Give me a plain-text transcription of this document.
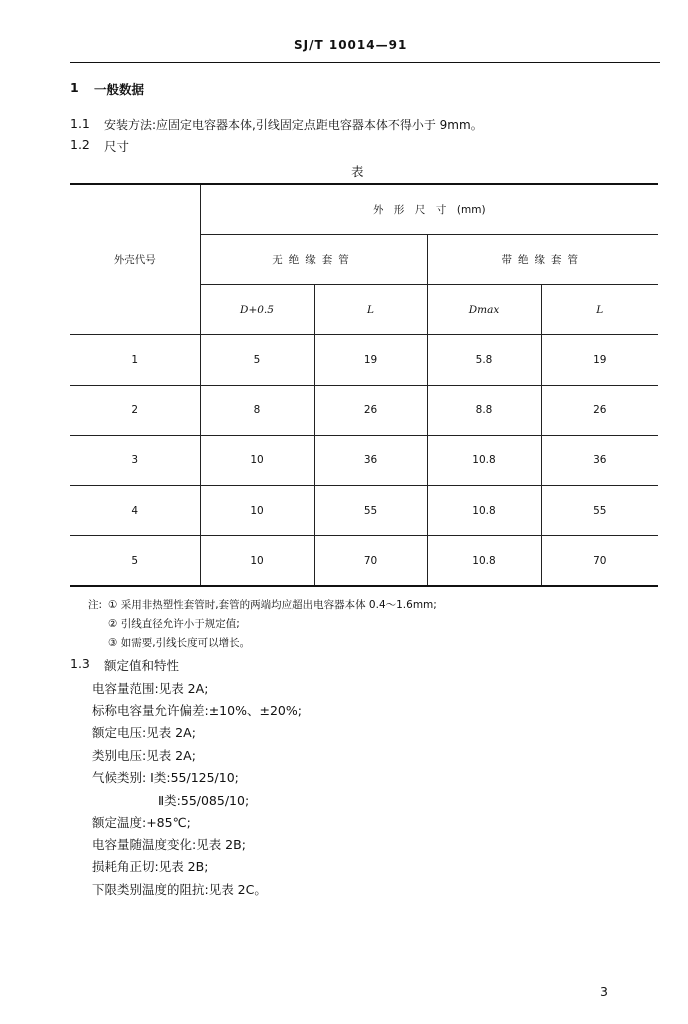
SJ/T 10014—91
1 一般数据
1.1 安装方法:应固定电容器本体,引线固定点距电容器本体不得小于 9mm。
1.2 尺寸
表
外壳代号	外　形　尺　寸　(mm)			
	无绝缘套管		带绝缘套管	
	D+0.5	L	Dmax	L
1	5	19	5.8	19
2	8	26	8.8	26
3	10	36	10.8	36
4	10	55	10.8	55
5	10	70	10.8	70
注: ① 采用非热塑性套管时,套管的两端均应超出电容器本体 0.4～1.6mm;
② 引线直径允许小于规定值;
③ 如需要,引线长度可以增长。
1.3 额定值和特性
电容量范围:见表 2A;
标称电容量允许偏差:±10%、±20%;
额定电压:见表 2A;
类别电压:见表 2A;
气候类别: Ⅰ类:55/125/10;
Ⅱ类:55/085/10;
额定温度:+85℃;
电容量随温度变化:见表 2B;
损耗角正切:见表 2B;
下限类别温度的阻抗:见表 2C。
3
